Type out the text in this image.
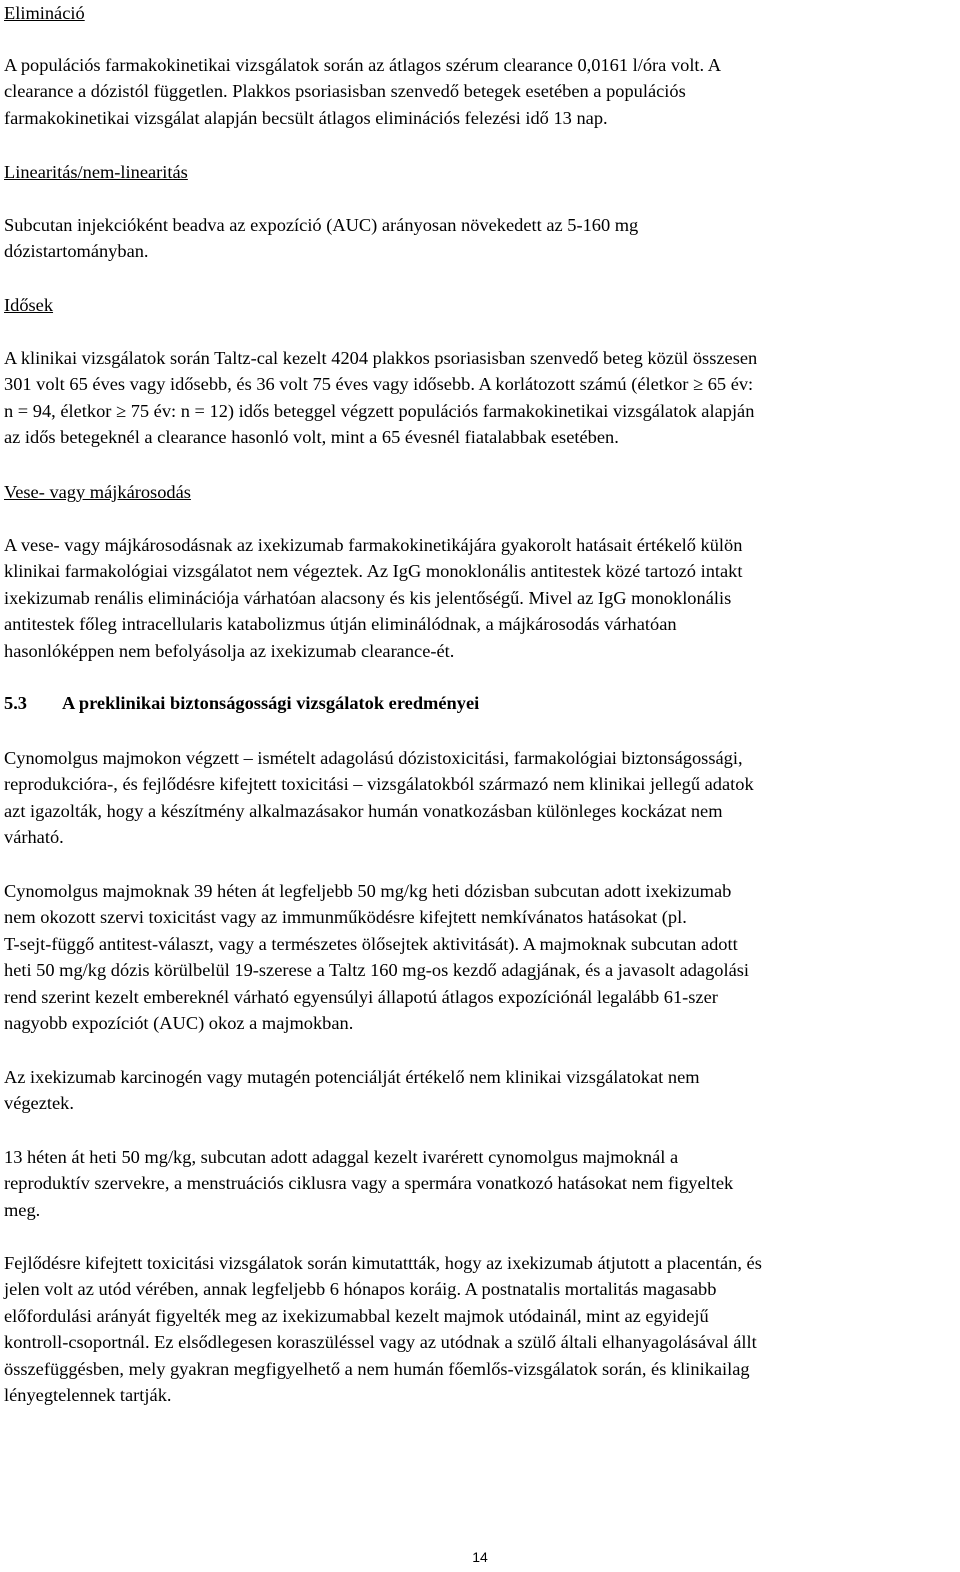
Elimináció

A populációs farmakokinetikai vizsgálatok során az átlagos szérum clearance 0,0161 l/óra volt. A

clearance a dózistól független. Plakkos psoriasisban szenvedő betegek esetében a populációs

farmakokinetikai vizsgálat alapján becsült átlagos eliminációs felezési idő 13 nap.

Linearitás/nem-linearitás

Subcutan injekcióként beadva az expozíció (AUC) arányosan növekedett az 5-160 mg

dózistartományban.

Idősek

A klinikai vizsgálatok során Taltz-cal kezelt 4204 plakkos psoriasisban szenvedő beteg közül összesen

301 volt 65 éves vagy idősebb, és 36 volt 75 éves vagy idősebb. A korlátozott számú (életkor ≥ 65 év:

n = 94, életkor ≥ 75 év: n = 12) idős beteggel végzett populációs farmakokinetikai vizsgálatok alapján

az idős betegeknél a clearance hasonló volt, mint a 65 évesnél fiatalabbak esetében.

Vese- vagy májkárosodás

A vese- vagy májkárosodásnak az ixekizumab farmakokinetikájára gyakorolt hatásait értékelő külön

klinikai farmakológiai vizsgálatot nem végeztek. Az IgG monoklonális antitestek közé tartozó intakt

ixekizumab renális eliminációja várhatóan alacsony és kis jelentőségű. Mivel az IgG monoklonális

antitestek főleg intracellularis katabolizmus útján eliminálódnak, a májkárosodás várhatóan

hasonlóképpen nem befolyásolja az ixekizumab clearance-ét.

5.3	A preklinikai biztonságossági vizsgálatok eredményei

Cynomolgus majmokon végzett – ismételt adagolású dózistoxicitási, farmakológiai biztonságossági,

reprodukcióra-, és fejlődésre kifejtett toxicitási – vizsgálatokból származó nem klinikai jellegű adatok

azt igazolták, hogy a készítmény alkalmazásakor humán vonatkozásban különleges kockázat nem

várható.

Cynomolgus majmoknak 39 héten át legfeljebb 50 mg/kg heti dózisban subcutan adott ixekizumab

nem okozott szervi toxicitást vagy az immunműködésre kifejtett nemkívánatos hatásokat (pl.

T-sejt-függő antitest-választ, vagy a természetes ölősejtek aktivitását). A majmoknak subcutan adott

heti 50 mg/kg dózis körülbelül 19-szerese a Taltz 160 mg-os kezdő adagjának, és a javasolt adagolási

rend szerint kezelt embereknél várható egyensúlyi állapotú átlagos expozíciónál legalább 61-szer

nagyobb expozíciót (AUC) okoz a majmokban.

Az ixekizumab karcinogén vagy mutagén potenciálját értékelő nem klinikai vizsgálatokat nem

végeztek.

13 héten át heti 50 mg/kg, subcutan adott adaggal kezelt ivarérett cynomolgus majmoknál a

reproduktív szervekre, a menstruációs ciklusra vagy a spermára vonatkozó hatásokat nem figyeltek

meg.

Fejlődésre kifejtett toxicitási vizsgálatok során kimutattták, hogy az ixekizumab átjutott a placentán, és

jelen volt az utód vérében, annak legfeljebb 6 hónapos koráig. A postnatalis mortalitás magasabb

előfordulási arányát figyelték meg az ixekizumabbal kezelt majmok utódainál, mint az egyidejű

kontroll-csoportnál. Ez elsődlegesen koraszüléssel vagy az utódnak a szülő általi elhanyagolásával állt

összefüggésben, mely gyakran megfigyelhető a nem humán főemlős-vizsgálatok során, és klinikailag

lényegtelennek tartják.

14
